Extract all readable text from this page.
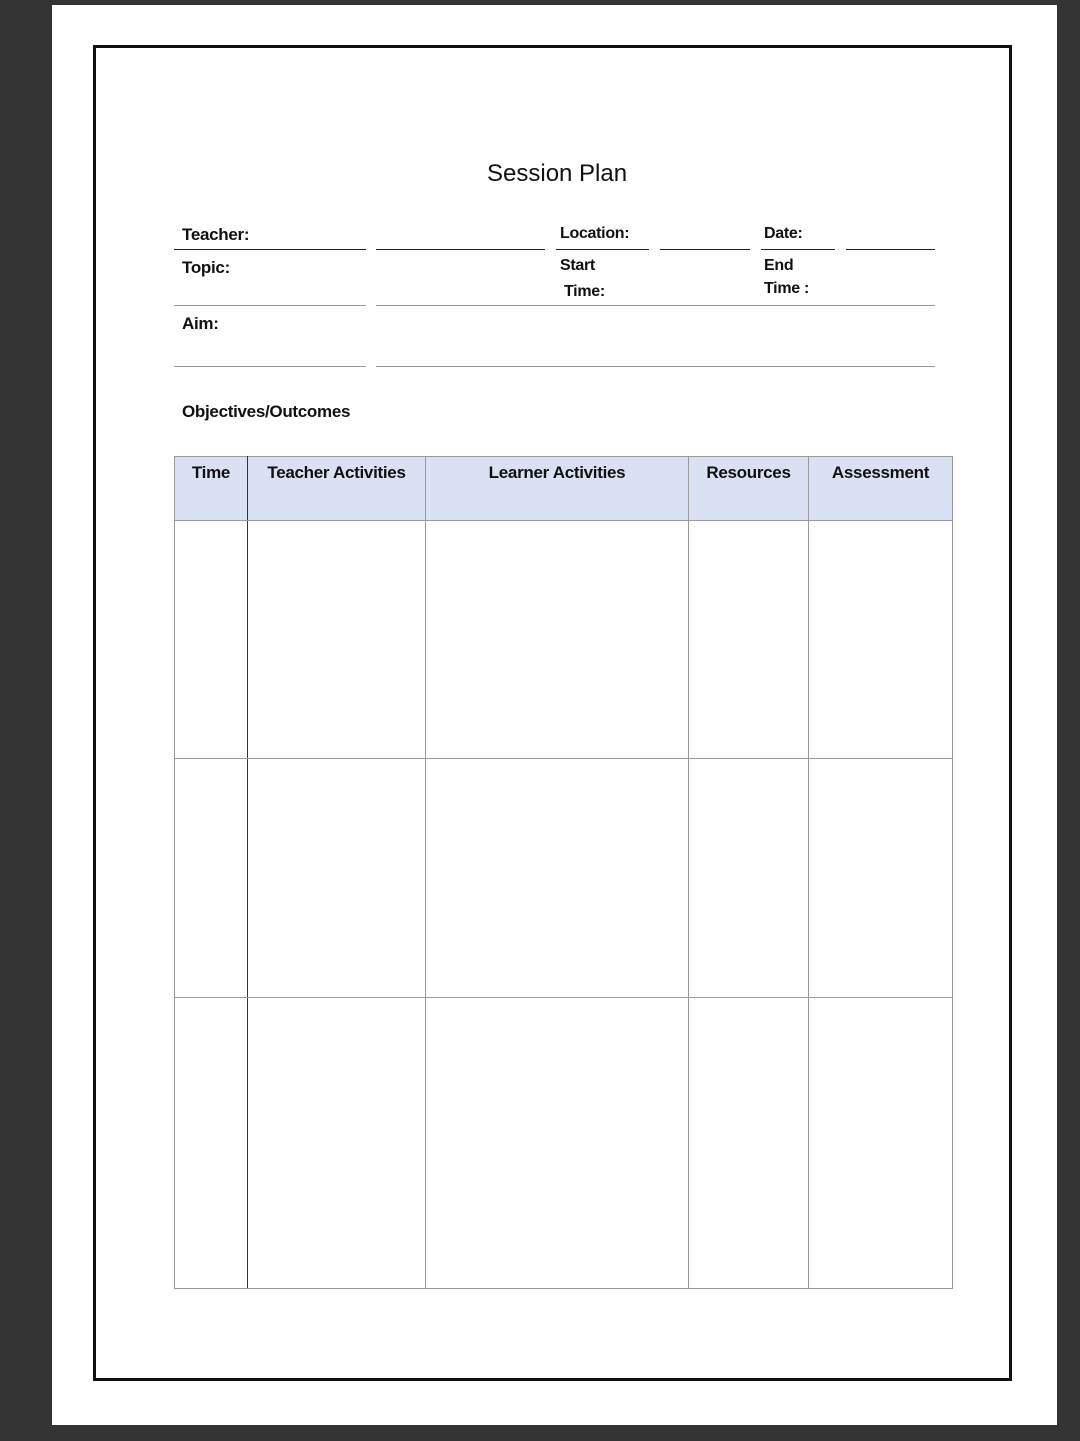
Session Plan
Teacher:	Location:	Date:
Topic:	Start
Time:
End
Time :
Aim:
Objectives/Outcomes
Time	Teacher Activities	Learner Activities	Resources	Assessment
